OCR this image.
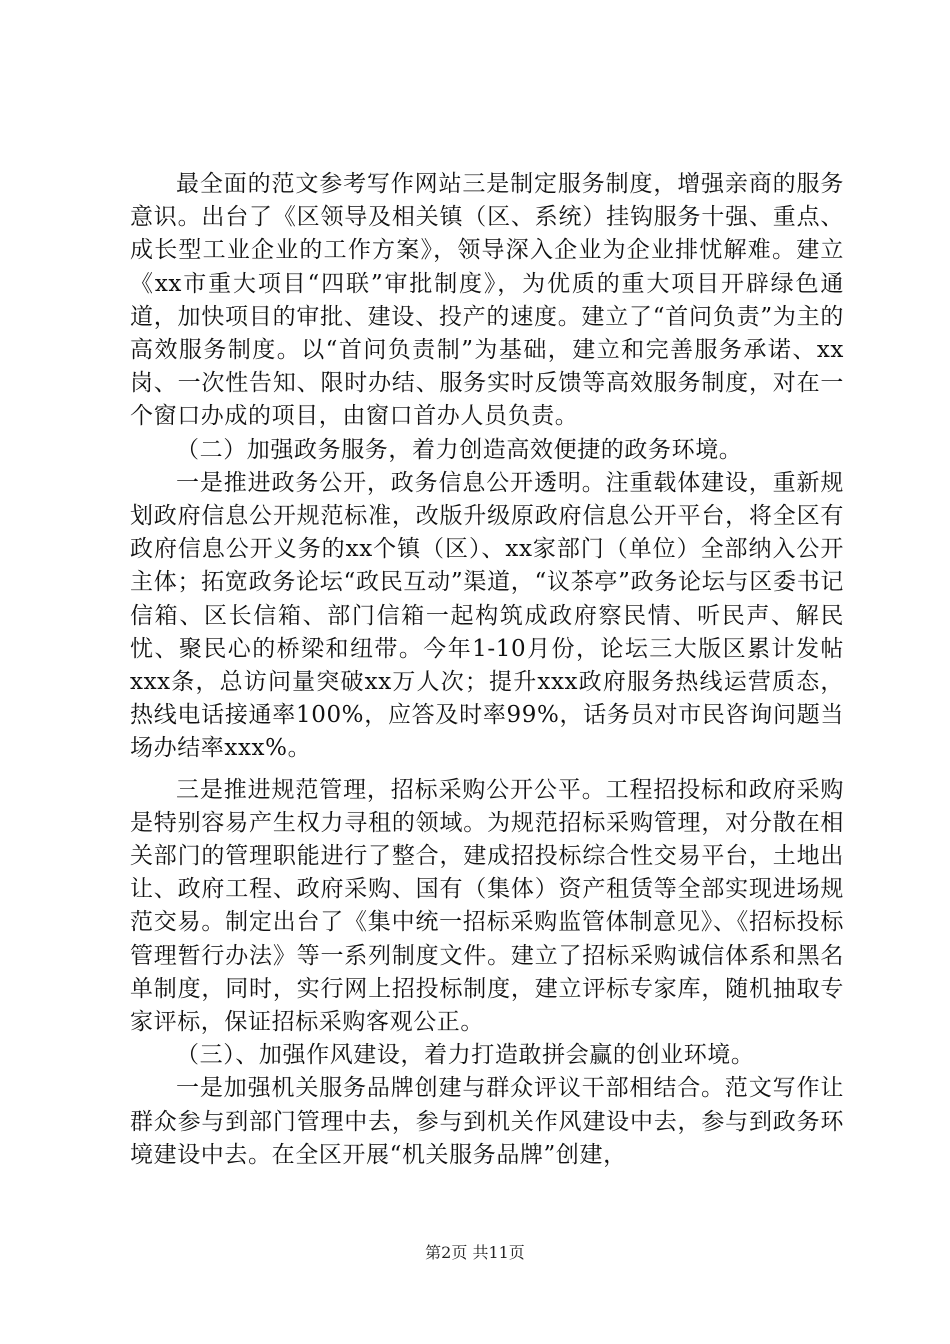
最全面的范文参考写作网站三是制定服务制度，增强亲商的服务意识。出台了《区领导及相关镇（区、系统）挂钩服务十强、重点、成长型工业企业的工作方案》，领导深入企业为企业排忧解难。建立《xx市重大项目“四联”审批制度》，为优质的重大项目开辟绿色通道，加快项目的审批、建设、投产的速度。建立了“首问负责”为主的高效服务制度。以“首问负责制”为基础，建立和完善服务承诺、xx岗、一次性告知、限时办结、服务实时反馈等高效服务制度，对在一个窗口办成的项目，由窗口首办人员负责。

（二）加强政务服务，着力创造高效便捷的政务环境。

一是推进政务公开，政务信息公开透明。注重载体建设，重新规划政府信息公开规范标准，改版升级原政府信息公开平台，将全区有政府信息公开义务的xx个镇（区）、xx家部门（单位）全部纳入公开主体；拓宽政务论坛“政民互动”渠道，“议茶亭”政务论坛与区委书记信箱、区长信箱、部门信箱一起构筑成政府察民情、听民声、解民忧、聚民心的桥梁和纽带。今年1-10月份，论坛三大版区累计发帖xxx条，总访问量突破xx万人次；提升xxx政府服务热线运营质态，热线电话接通率100%，应答及时率99%，话务员对市民咨询问题当场办结率xxx%。

三是推进规范管理，招标采购公开公平。工程招投标和政府采购是特别容易产生权力寻租的领域。为规范招标采购管理，对分散在相关部门的管理职能进行了整合，建成招投标综合性交易平台，土地出让、政府工程、政府采购、国有（集体）资产租赁等全部实现进场规范交易。制定出台了《集中统一招标采购监管体制意见》、《招标投标管理暂行办法》等一系列制度文件。建立了招标采购诚信体系和黑名单制度，同时，实行网上招投标制度，建立评标专家库，随机抽取专家评标，保证招标采购客观公正。

（三）、加强作风建设，着力打造敢拼会赢的创业环境。

一是加强机关服务品牌创建与群众评议干部相结合。范文写作让群众参与到部门管理中去，参与到机关作风建设中去，参与到政务环境建设中去。在全区开展“机关服务品牌”创建，

第2页 共11页
